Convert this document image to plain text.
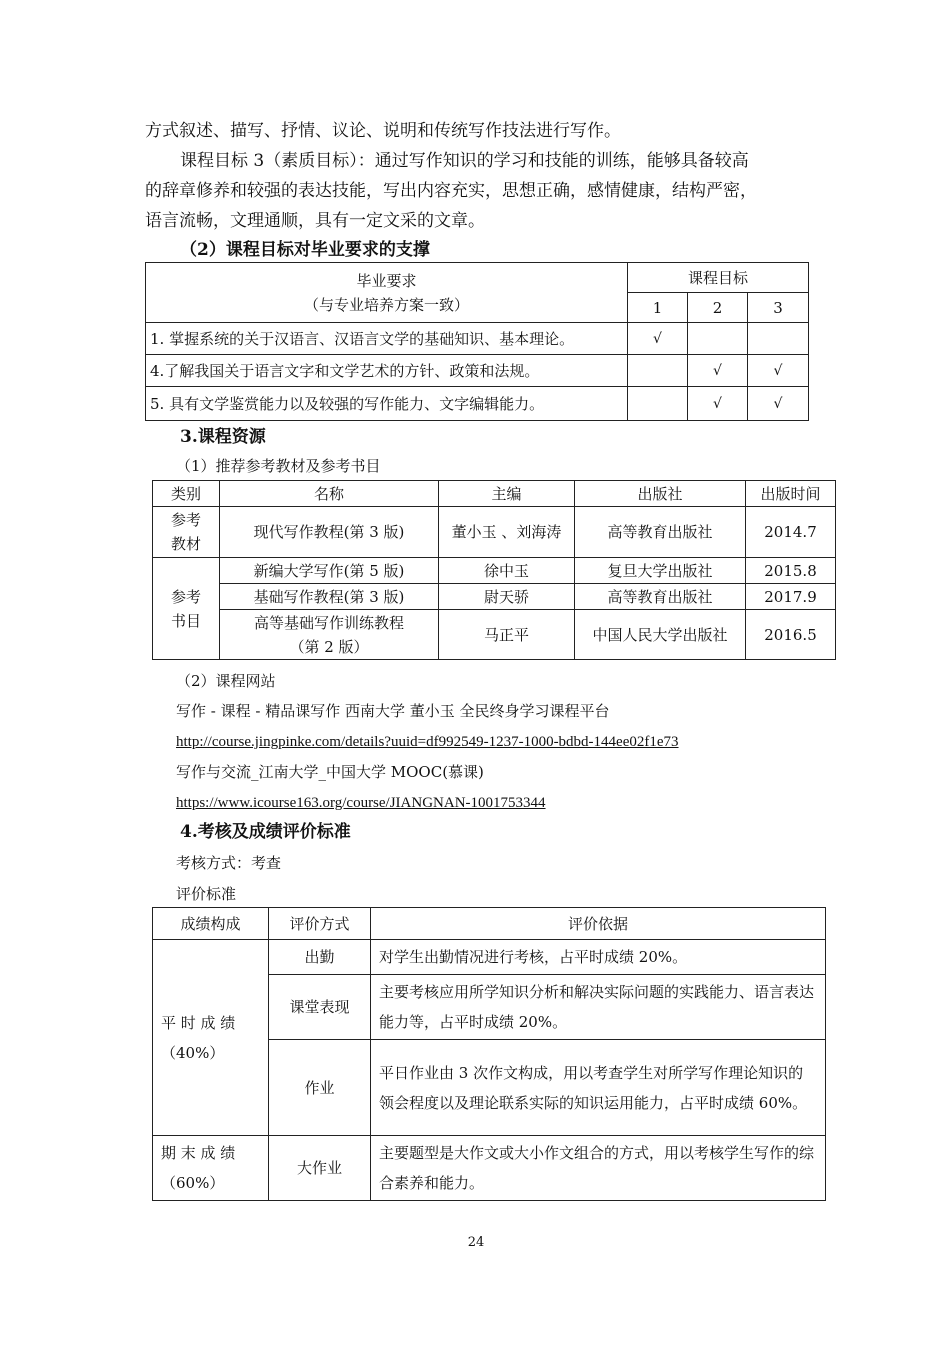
方式叙述、描写、抒情、议论、说明和传统写作技法进行写作。
课程目标 3（素质目标）：通过写作知识的学习和技能的训练，能够具备较高
的辞章修养和较强的表达技能，写出内容充实，思想正确，感情健康，结构严密，
语言流畅，文理通顺，具有一定文采的文章。
（2）课程目标对毕业要求的支撑
毕业要求
（与专业培养方案一致）	课程目标		
	1	2	3
1. 掌握系统的关于汉语言、汉语言文学的基础知识、基本理论。	√		
4.了解我国关于语言文字和文学艺术的方针、政策和法规。		√	√
5. 具有文学鉴赏能力以及较强的写作能力、文字编辑能力。		√	√
3.课程资源
（1）推荐参考教材及参考书目
类别	名称	主编	出版社	出版时间
参考
教材	现代写作教程(第 3 版)	董小玉 、刘海涛	高等教育出版社	2014.7
参考
书目	新编大学写作(第 5 版)	徐中玉	复旦大学出版社	2015.8
	基础写作教程(第 3 版)	尉天骄	高等教育出版社	2017.9
	高等基础写作训练教程
（第 2 版）	马正平	中国人民大学出版社	2016.5
（2）课程网站
写作 - 课程 - 精品课写作 西南大学 董小玉 全民终身学习课程平台
http://course.jingpinke.com/details?uuid=df992549-1237-1000-bdbd-144ee02f1e73
写作与交流_江南大学_中国大学 MOOC(慕课)
https://www.icourse163.org/course/JIANGNAN-1001753344
4.考核及成绩评价标准
考核方式：考查
评价标准
成绩构成	评价方式	评价依据
平 时 成 绩
（40%）	出勤	对学生出勤情况进行考核，占平时成绩 20%。
	课堂表现	主要考核应用所学知识分析和解决实际问题的实践能力、语言表达能力等，占平时成绩 20%。
	作业	平日作业由 3 次作文构成，用以考查学生对所学写作理论知识的领会程度以及理论联系实际的知识运用能力，占平时成绩 60%。
期 末 成 绩
（60%）	大作业	主要题型是大作文或大小作文组合的方式，用以考核学生写作的综合素养和能力。
24
